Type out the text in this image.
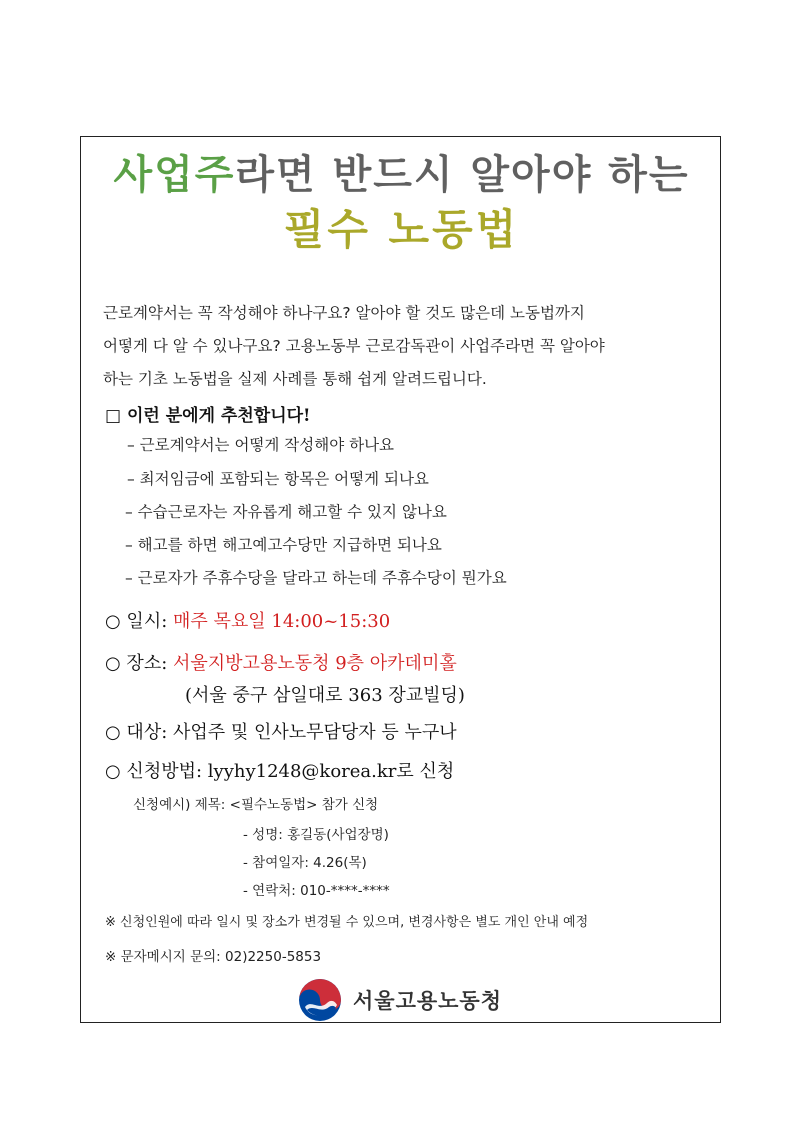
사업주라면 반드시 알아야 하는
필수 노동법
근로계약서는 꼭 작성해야 하나구요? 알아야 할 것도 많은데 노동법까지
어떻게 다 알 수 있나구요? 고용노동부 근로감독관이 사업주라면 꼭 알아야
하는 기초 노동법을 실제 사례를 통해 쉽게 알려드립니다.
□ 이런 분에게 추천합니다!
– 근로계약서는 어떻게 작성해야 하나요
– 최저임금에 포함되는 항목은 어떻게 되나요
– 수습근로자는 자유롭게 해고할 수 있지 않나요
– 해고를 하면 해고예고수당만 지급하면 되나요
– 근로자가 주휴수당을 달라고 하는데 주휴수당이 뭔가요
○ 일시: 매주 목요일 14:00~15:30
○ 장소: 서울지방고용노동청 9층 아카데미홀
(서울 중구 삼일대로 363 장교빌딩)
○ 대상: 사업주 및 인사노무담당자 등 누구나
○ 신청방법: lyyhy1248@korea.kr로 신청
신청예시) 제목: <필수노동법> 참가 신청
- 성명: 홍길동(사업장명)
- 참여일자: 4.26(목)
- 연락처: 010-****-****
※ 신청인원에 따라 일시 및 장소가 변경될 수 있으며, 변경사항은 별도 개인 안내 예정
※ 문자메시지 문의: 02)2250-5853
서울고용노동청
